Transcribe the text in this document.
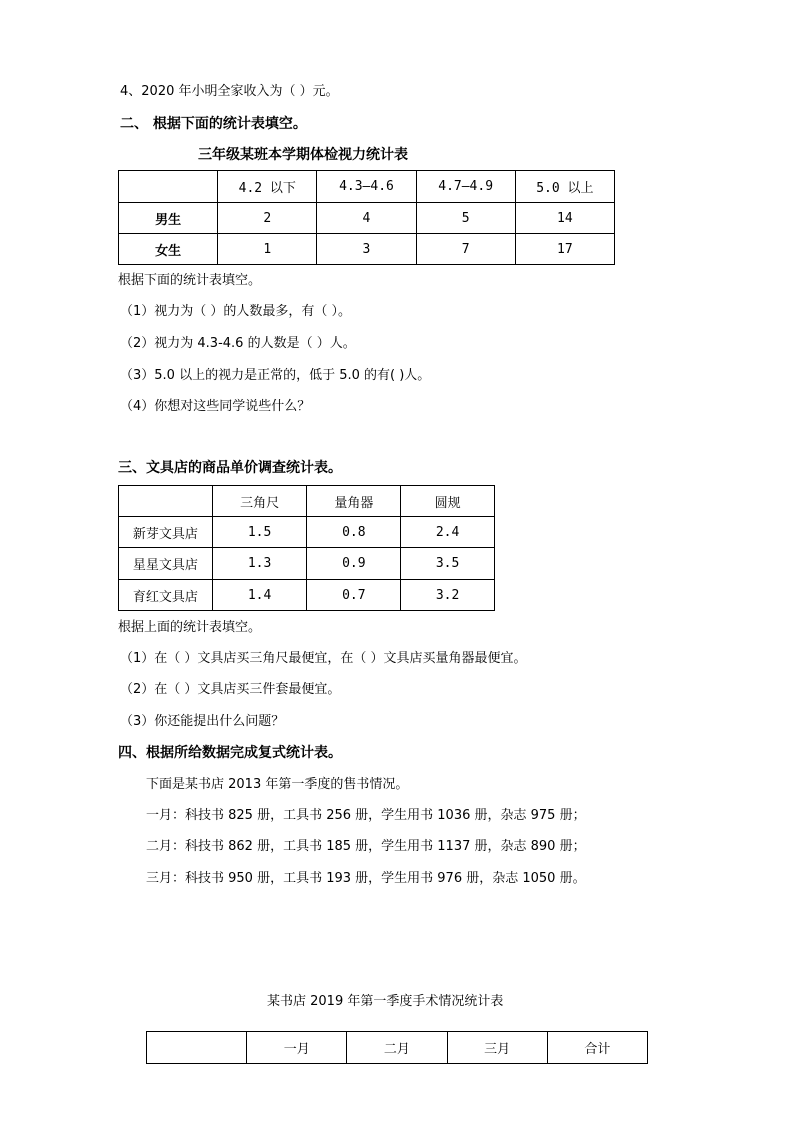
4、2020 年小明全家收入为（ ）元。
二、 根据下面的统计表填空。
三年级某班本学期体检视力统计表
	4.2 以下	4.3—4.6	4.7—4.9	5.0 以上
男生	2	4	5	14
女生	1	3	7	17
根据下面的统计表填空。
（1）视力为（ ）的人数最多，有（ ）。
（2）视力为 4.3-4.6 的人数是（ ）人。
（3）5.0 以上的视力是正常的，低于 5.0 的有( )人。
（4）你想对这些同学说些什么？
三、文具店的商品单价调查统计表。
	三角尺	量角器	圆规
新芽文具店	1.5	0.8	2.4
星星文具店	1.3	0.9	3.5
育红文具店	1.4	0.7	3.2
根据上面的统计表填空。
（1）在（ ）文具店买三角尺最便宜，在（ ）文具店买量角器最便宜。
（2）在（ ）文具店买三件套最便宜。
（3）你还能提出什么问题？
四、根据所给数据完成复式统计表。
下面是某书店 2013 年第一季度的售书情况。
一月：科技书 825 册，工具书 256 册，学生用书 1036 册，杂志 975 册；
二月：科技书 862 册，工具书 185 册，学生用书 1137 册，杂志 890 册；
三月：科技书 950 册，工具书 193 册，学生用书 976 册，杂志 1050 册。
某书店 2019 年第一季度手术情况统计表
	一月	二月	三月	合计
